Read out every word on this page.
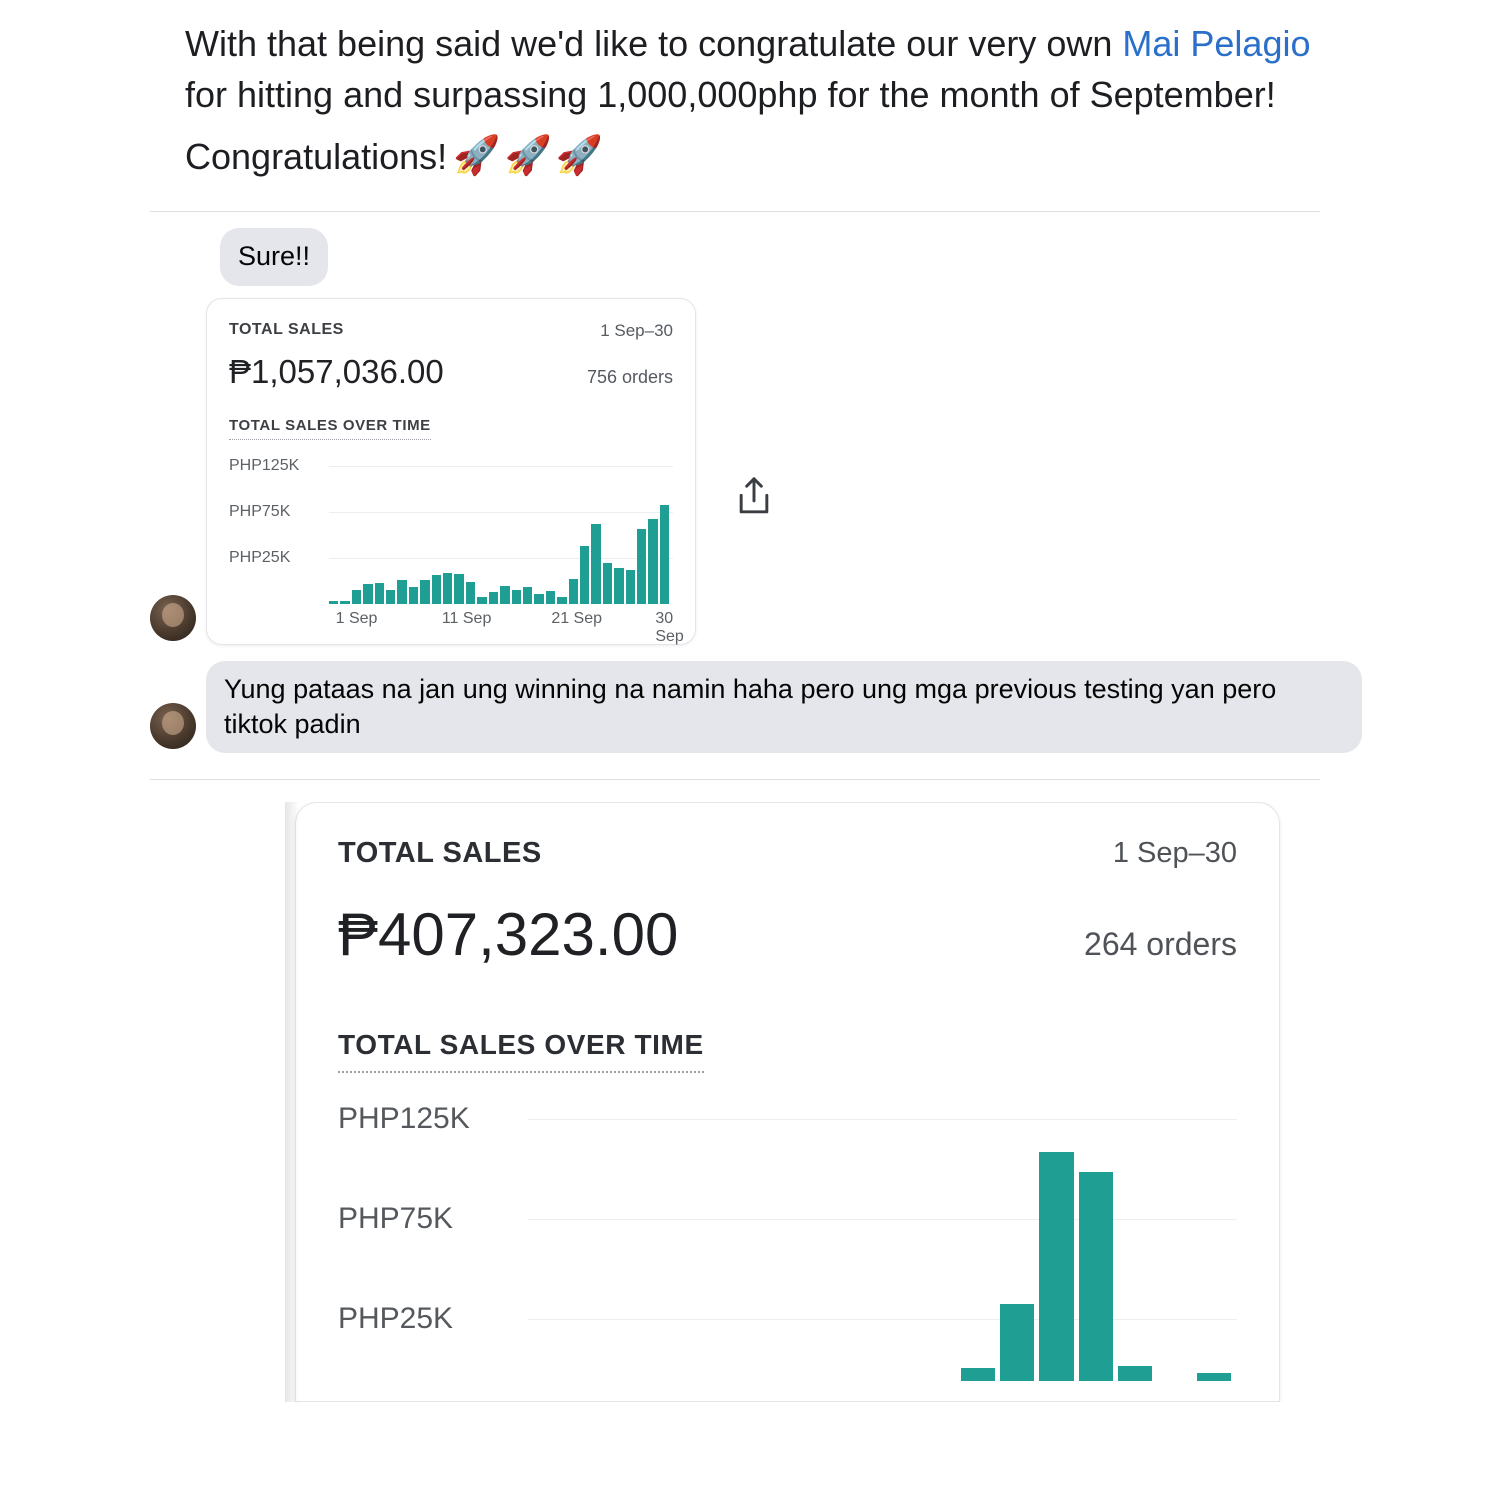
With that being said we'd like to congratulate our very own Mai Pelagio for hitting and surpassing 1,000,000php for the month of September!
Congratulations! 🚀🚀🚀
Sure!!
TOTAL SALES	1 Sep–30
₱1,057,036.00	756 orders
TOTAL SALES OVER TIME
PHP125K
PHP75K
PHP25K
1 Sep	11 Sep	21 Sep	30 Sep
Yung pataas na jan ung winning na namin haha pero ung mga previous testing yan pero tiktok padin
TOTAL SALES	1 Sep–30
₱407,323.00	264 orders
TOTAL SALES OVER TIME
PHP125K
PHP75K
PHP25K
